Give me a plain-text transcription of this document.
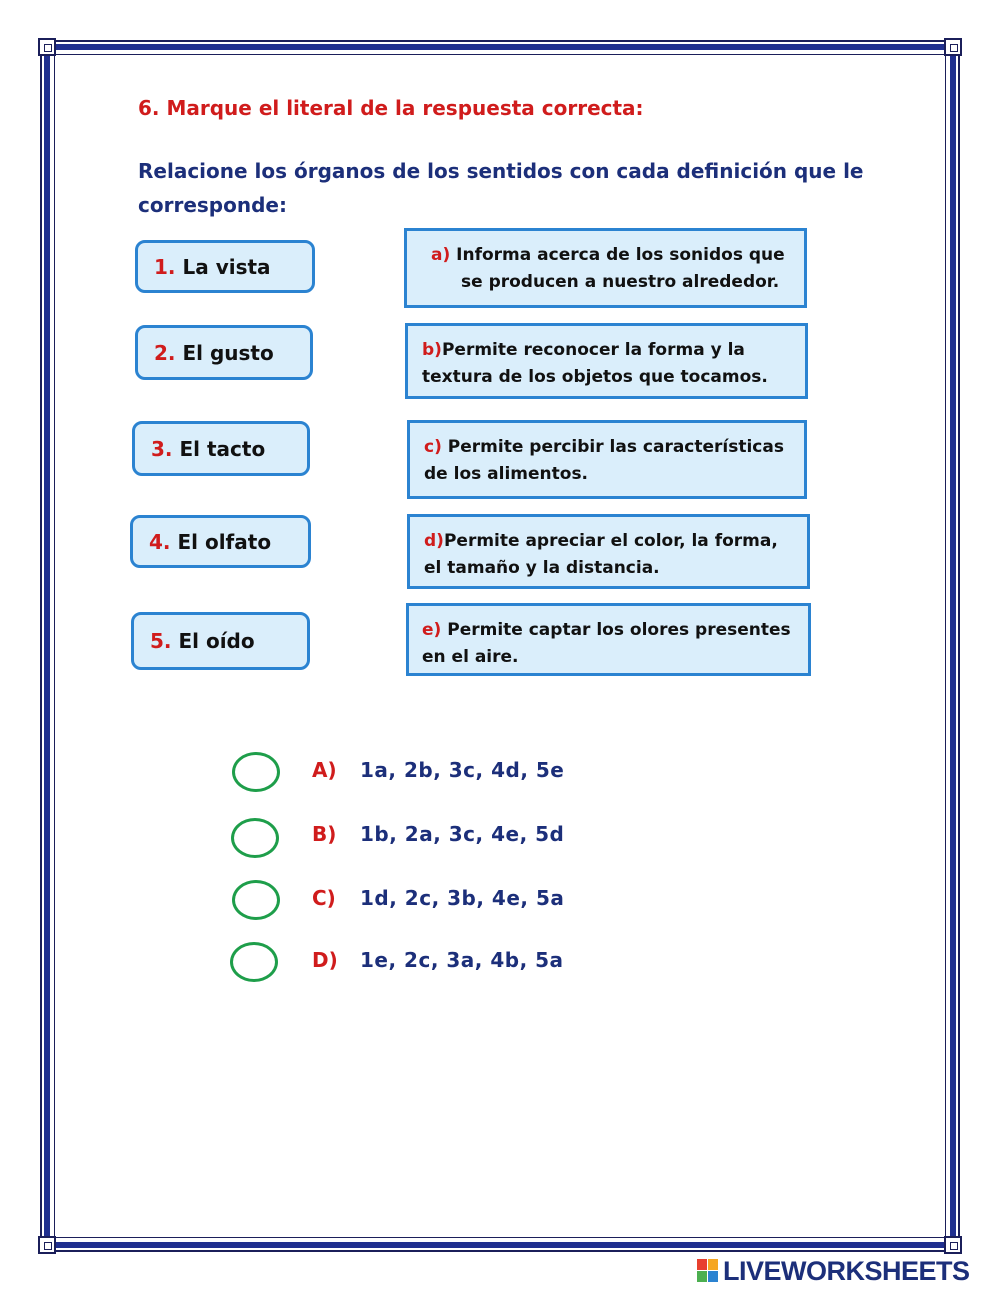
6. Marque el literal de la respuesta correcta:
Relacione los órganos de los sentidos con cada definición que le corresponde:
1.
La vista
2.
El gusto
3.
El tacto
4.
El olfato
5.
El oído
a) Informa acerca de los sonidos que
se producen a nuestro alrededor.
b)Permite reconocer la forma y la
textura de los objetos que tocamos.
c) Permite percibir las características
de los alimentos.
d)Permite apreciar el color, la forma,
el tamaño y la distancia.
e) Permite captar los olores presentes
en el aire.
A) 1a, 2b, 3c, 4d, 5e
B) 1b, 2a, 3c, 4e, 5d
C) 1d, 2c, 3b, 4e, 5a
D) 1e, 2c, 3a, 4b, 5a
LIVEWORKSHEETS
